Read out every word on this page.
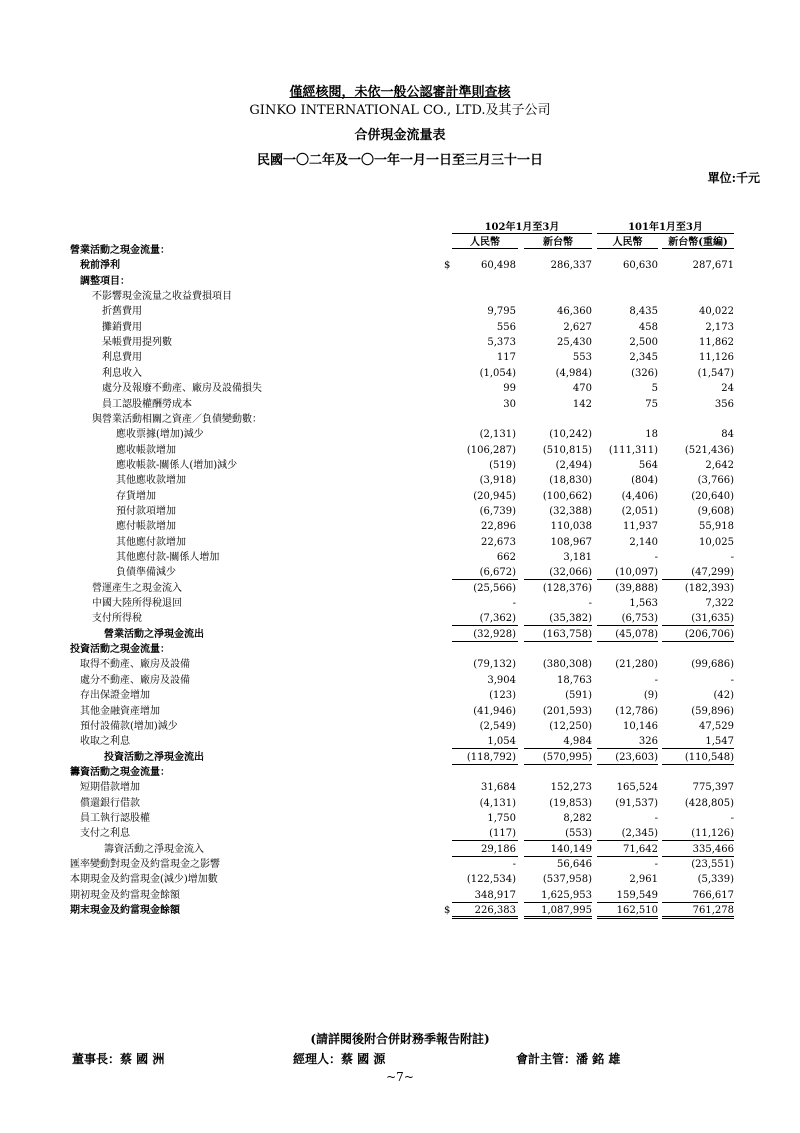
僅經核閱，未依一般公認審計準則查核
GINKO INTERNATIONAL CO., LTD.及其子公司
合併現金流量表
民國一〇二年及一〇一年一月一日至三月三十一日
單位:千元
102年1月至3月	101年1月至3月
人民幣	新台幣	人民幣	新台幣(重編)
營業活動之現金流量：
稅前淨利	$	60,498	286,337	60,630	287,671
調整項目：
不影響現金流量之收益費損項目
折舊費用	9,795	46,360	8,435	40,022
攤銷費用	556	2,627	458	2,173
呆帳費用提列數	5,373	25,430	2,500	11,862
利息費用	117	553	2,345	11,126
利息收入	(1,054)	(4,984)	(326)	(1,547)
處分及報廢不動產、廠房及設備損失	99	470	5	24
員工認股權酬勞成本	30	142	75	356
與營業活動相關之資產／負債變動數：
應收票據(增加)減少	(2,131)	(10,242)	18	84
應收帳款增加	(106,287)	(510,815)	(111,311)	(521,436)
應收帳款-關係人(增加)減少	(519)	(2,494)	564	2,642
其他應收款增加	(3,918)	(18,830)	(804)	(3,766)
存貨增加	(20,945)	(100,662)	(4,406)	(20,640)
預付款項增加	(6,739)	(32,388)	(2,051)	(9,608)
應付帳款增加	22,896	110,038	11,937	55,918
其他應付款增加	22,673	108,967	2,140	10,025
其他應付款-關係人增加	662	3,181	-	-
負債準備減少	(6,672)	(32,066)	(10,097)	(47,299)
營運產生之現金流入	(25,566)	(128,376)	(39,888)	(182,393)
中國大陸所得稅退回	-	-	1,563	7,322
支付所得稅	(7,362)	(35,382)	(6,753)	(31,635)
營業活動之淨現金流出	(32,928)	(163,758)	(45,078)	(206,706)
投資活動之現金流量：
取得不動產、廠房及設備	(79,132)	(380,308)	(21,280)	(99,686)
處分不動產、廠房及設備	3,904	18,763	-	-
存出保證金增加	(123)	(591)	(9)	(42)
其他金融資產增加	(41,946)	(201,593)	(12,786)	(59,896)
預付設備款(增加)減少	(2,549)	(12,250)	10,146	47,529
收取之利息	1,054	4,984	326	1,547
投資活動之淨現金流出	(118,792)	(570,995)	(23,603)	(110,548)
籌資活動之現金流量：
短期借款增加	31,684	152,273	165,524	775,397
償還銀行借款	(4,131)	(19,853)	(91,537)	(428,805)
員工執行認股權	1,750	8,282	-	-
支付之利息	(117)	(553)	(2,345)	(11,126)
籌資活動之淨現金流入	29,186	140,149	71,642	335,466
匯率變動對現金及約當現金之影響	-	56,646	-	(23,551)
本期現金及約當現金(減少)增加數	(122,534)	(537,958)	2,961	(5,339)
期初現金及約當現金餘額	348,917	1,625,953	159,549	766,617
期末現金及約當現金餘額	$	226,383	1,087,995	162,510	761,278
(請詳閱後附合併財務季報告附註)
董事長：蔡 國 洲	經理人：蔡 國 源	會計主管：潘 銘 雄
~7~
